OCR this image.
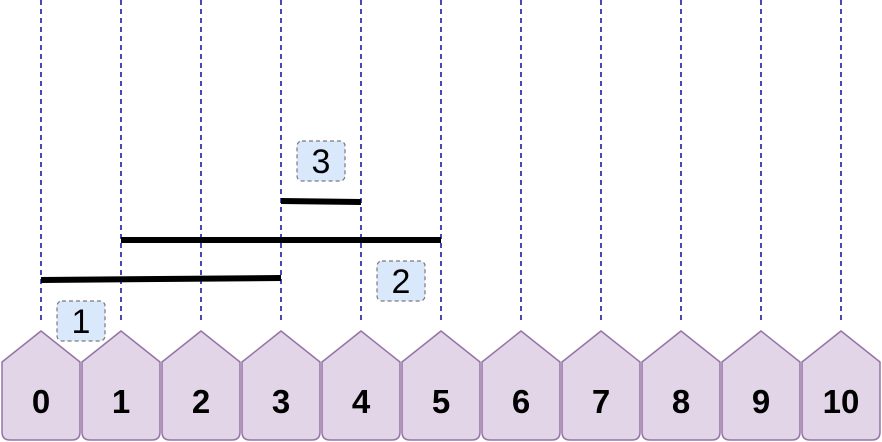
1
2
3
0 1 2 3 4 5 6 7 8 9 10
